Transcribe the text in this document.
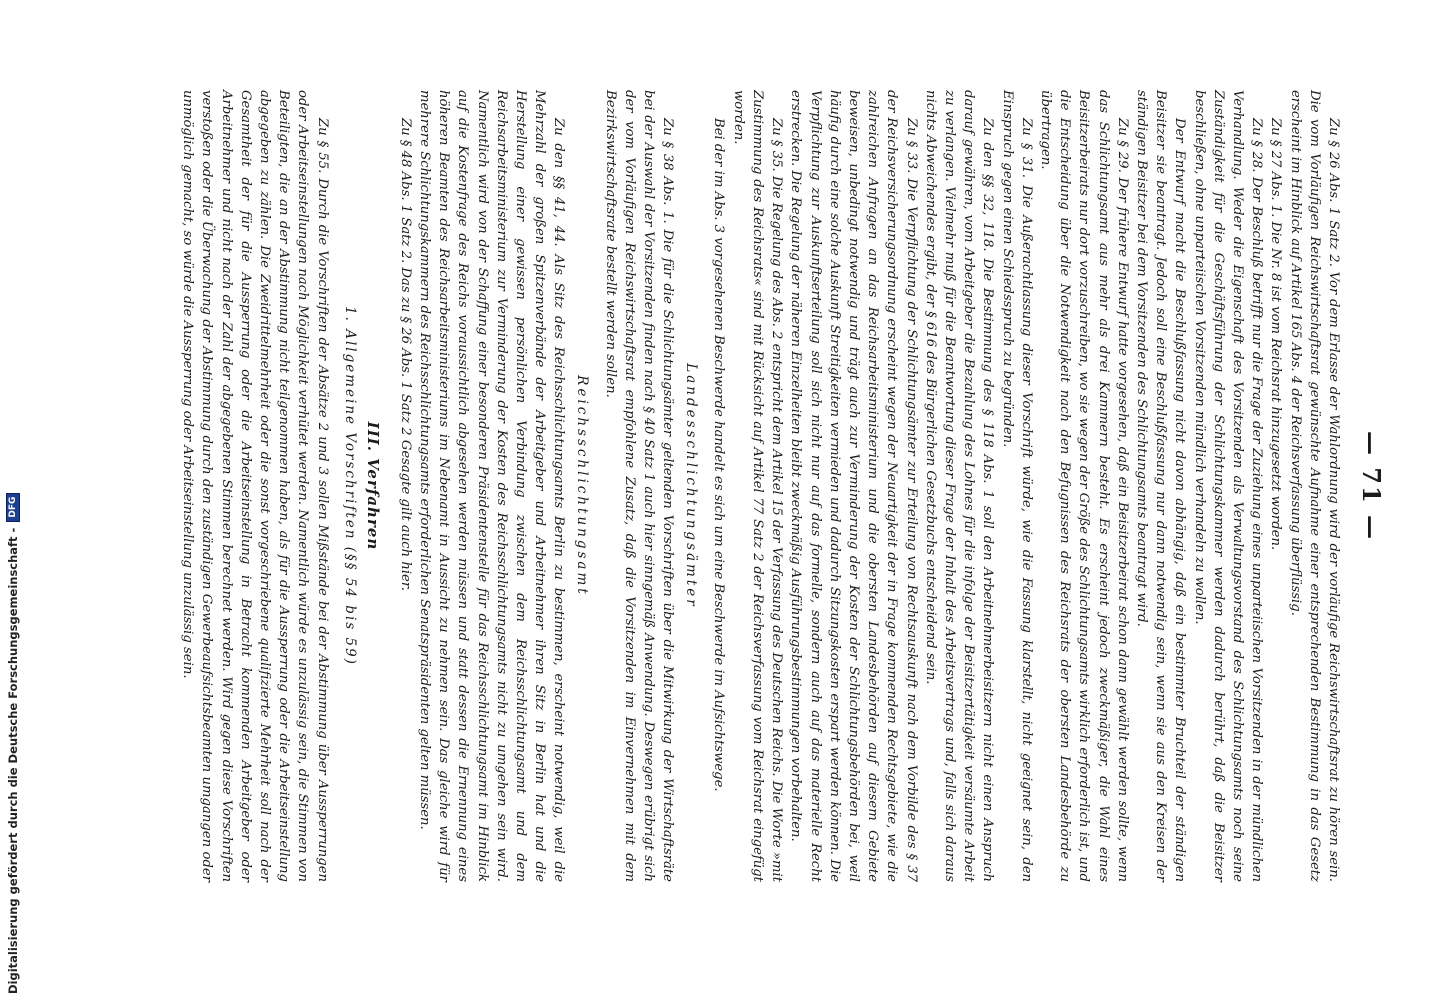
Digitalisierung gefördert durch die Deutsche Forschungsgemeinschaft -
DFG	— 71 —

Zu § 26 Abs. 1 Satz 2. Vor dem Erlasse der Wahlordnung wird der vorläufige Reichswirtschaftsrat zu hören sein. Die vom Vorläufigen Reichswirtschaftsrat gewünschte Aufnahme einer entsprechenden Bestimmung in das Gesetz erscheint im Hinblick auf Artikel 165 Abs. 4 der Reichsverfassung überflüssig.

Zu § 27 Abs. 1. Die Nr. 8 ist vom Reichsrat hinzugesetzt worden.

Zu § 28. Der Beschluß betrifft nur die Frage der Zuziehung eines unparteiischen Vorsitzenden in der mündlichen Verhandlung. Weder die Eigenschaft des Vorsitzenden als Verwaltungsvorstand des Schlichtungsamts noch seine Zuständigkeit für die Geschäftsführung der Schlichtungskammer werden dadurch berührt, daß die Beisitzer beschließen, ohne unparteiischen Vorsitzenden mündlich verhandeln zu wollen.

Der Entwurf macht die Beschlußfassung nicht davon abhängig, daß ein bestimmter Bruchteil der ständigen Beisitzer sie beantragt. Jedoch soll eine Beschlußfassung nur dann notwendig sein, wenn sie aus den Kreisen der ständigen Beisitzer bei dem Vorsitzenden des Schlichtungsamts beantragt wird.

Zu § 29. Der frühere Entwurf hatte vorgesehen, daß ein Beisitzerbeirat schon dann gewählt werden sollte, wenn das Schlichtungsamt aus mehr als drei Kammern besteht. Es erscheint jedoch zweckmäßiger, die Wahl eines Beisitzerbeirats nur dort vorzuschreiben, wo sie wegen der Größe des Schlichtungsamts wirklich erforderlich ist, und die Entscheidung über die Notwendigkeit nach den Befugnissen des Reichsrats der obersten Landesbehörde zu übertragen.

Zu § 31. Die Außerachtlassung dieser Vorschrift würde, wie die Fassung klarstellt, nicht geeignet sein, den Einspruch gegen einen Schiedsspruch zu begründen.

Zu den §§ 32, 118. Die Bestimmung des § 118 Abs. 1 soll den Arbeitnehmerbeisitzern nicht einen Anspruch darauf gewähren, vom Arbeitgeber die Bezahlung des Lohnes für die infolge der Beisitzertätigkeit versäumte Arbeit zu verlangen. Vielmehr muß für die Beantwortung dieser Frage der Inhalt des Arbeitsvertrags und, falls sich daraus nichts Abweichendes ergibt, der § 616 des Bürgerlichen Gesetzbuchs entscheidend sein.

Zu § 33. Die Verpflichtung der Schlichtungsämter zur Erteilung von Rechtsauskunft nach dem Vorbilde des § 37 der Reichsversicherungsordnung erscheint wegen der Neuartigkeit der in Frage kommenden Rechtsgebiete, wie die zahlreichen Anfragen an das Reichsarbeitsministerium und die obersten Landesbehörden auf diesem Gebiete beweisen, unbedingt notwendig und trägt auch zur Verminderung der Kosten der Schlichtungsbehörden bei, weil häufig durch eine solche Auskunft Streitigkeiten vermieden und dadurch Sitzungskosten erspart werden können. Die Verpflichtung zur Auskunftserteilung soll sich nicht nur auf das formelle, sondern auch auf das materielle Recht erstrecken. Die Regelung der näheren Einzelheiten bleibt zweckmäßig Ausführungsbestimmungen vorbehalten.

Zu § 35. Die Regelung des Abs. 2 entspricht dem Artikel 15 der Verfassung des Deutschen Reichs. Die Worte »mit Zustimmung des Reichsrats« sind mit Rücksicht auf Artikel 77 Satz 2 der Reichsverfassung vom Reichsrat eingefügt worden.

Bei der im Abs. 3 vorgesehenen Beschwerde handelt es sich um eine Beschwerde im Aufsichtswege.

Landesschlichtungsämter

Zu § 38 Abs. 1. Die für die Schlichtungsämter geltenden Vorschriften über die Mitwirkung der Wirtschaftsräte bei der Auswahl der Vorsitzenden finden nach § 40 Satz 1 auch hier sinngemäß Anwendung. Deswegen erübrigt sich der vom Vorläufigen Reichswirtschaftsrat empfohlene Zusatz, daß die Vorsitzenden im Einvernehmen mit dem Bezirkswirtschaftsrate bestellt werden sollen.

Reichsschlichtungsamt

Zu den §§ 41, 44. Als Sitz des Reichsschlichtungsamts Berlin zu bestimmen, erscheint notwendig, weil die Mehrzahl der großen Spitzenverbände der Arbeitgeber und Arbeitnehmer ihren Sitz in Berlin hat und die Herstellung einer gewissen persönlichen Verbindung zwischen dem Reichsschlichtungsamt und dem Reichsarbeitsministerium zur Verminderung der Kosten des Reichsschlichtungsamts nicht zu umgehen sein wird. Namentlich wird von der Schaffung einer besonderen Präsidentenstelle für das Reichsschlichtungsamt im Hinblick auf die Kostenfrage des Reichs voraussichtlich abgesehen werden müssen und statt dessen die Ernennung eines höheren Beamten des Reichsarbeitsministeriums im Nebenamt in Aussicht zu nehmen sein. Das gleiche wird für mehrere Schlichtungskammern des Reichsschlichtungsamts erforderlichen Senatspräsidenten gelten müssen.

Zu § 48 Abs. 1 Satz 2. Das zu § 26 Abs. 1 Satz 2 Gesagte gilt auch hier.

III. Verfahren
1. Allgemeine Vorschriften (§§ 54 bis 59)

Zu § 55. Durch die Vorschriften der Absätze 2 und 3 sollen Mißstände bei der Abstimmung über Aussperrungen oder Arbeitseinstellungen nach Möglichkeit verhütet werden. Namentlich würde es unzulässig sein, die Stimmen von Beteiligten, die an der Abstimmung nicht teilgenommen haben, als für die Aussperrung oder die Arbeitseinstellung abgegeben zu zählen. Die Zweidrittelmehrheit oder die sonst vorgeschriebene qualifizierte Mehrheit soll nach der Gesamtheit der für die Aussperrung oder die Arbeitseinstellung in Betracht kommenden Arbeitgeber oder Arbeitnehmer und nicht nach der Zahl der abgegebenen Stimmen berechnet werden. Wird gegen diese Vorschriften verstoßen oder die Überwachung der Abstimmung durch den zuständigen Gewerbeaufsichtsbeamten umgangen oder unmöglich gemacht, so würde die Aussperrung oder Arbeitseinstellung unzulässig sein.
